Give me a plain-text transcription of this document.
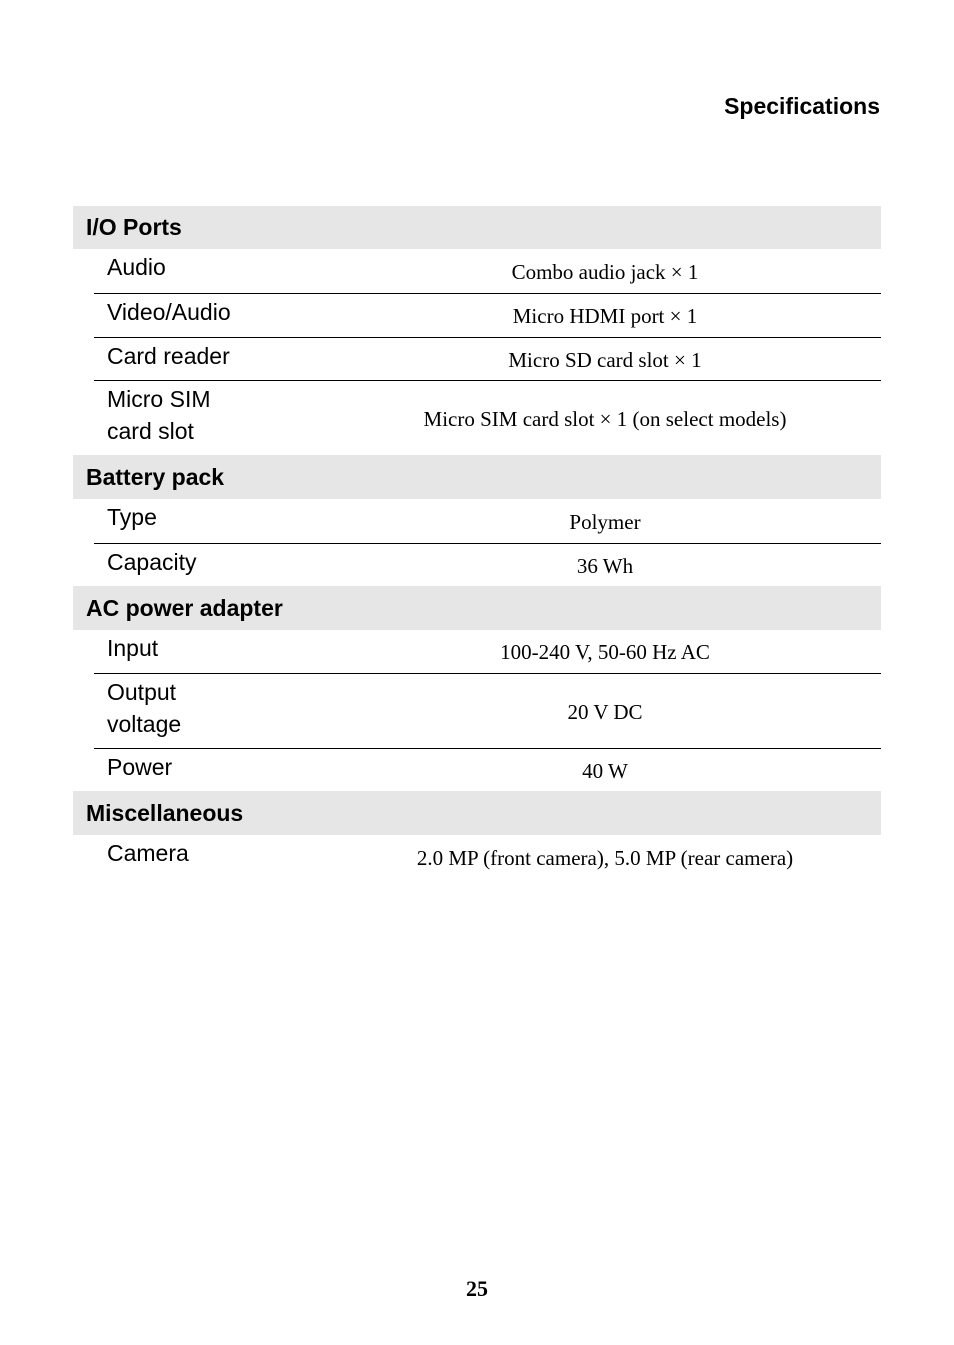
Specifications
I/O Ports
Audio	Combo audio jack × 1
Video/Audio	Micro HDMI port × 1
Card reader	Micro SD card slot × 1
Micro SIM
card slot	Micro SIM card slot × 1 (on select models)
Battery pack
Type	Polymer
Capacity	36 Wh
AC power adapter
Input	100-240 V, 50-60 Hz AC
Output
voltage	20 V DC
Power	40 W
Miscellaneous
Camera	2.0 MP (front camera), 5.0 MP (rear camera)
25
